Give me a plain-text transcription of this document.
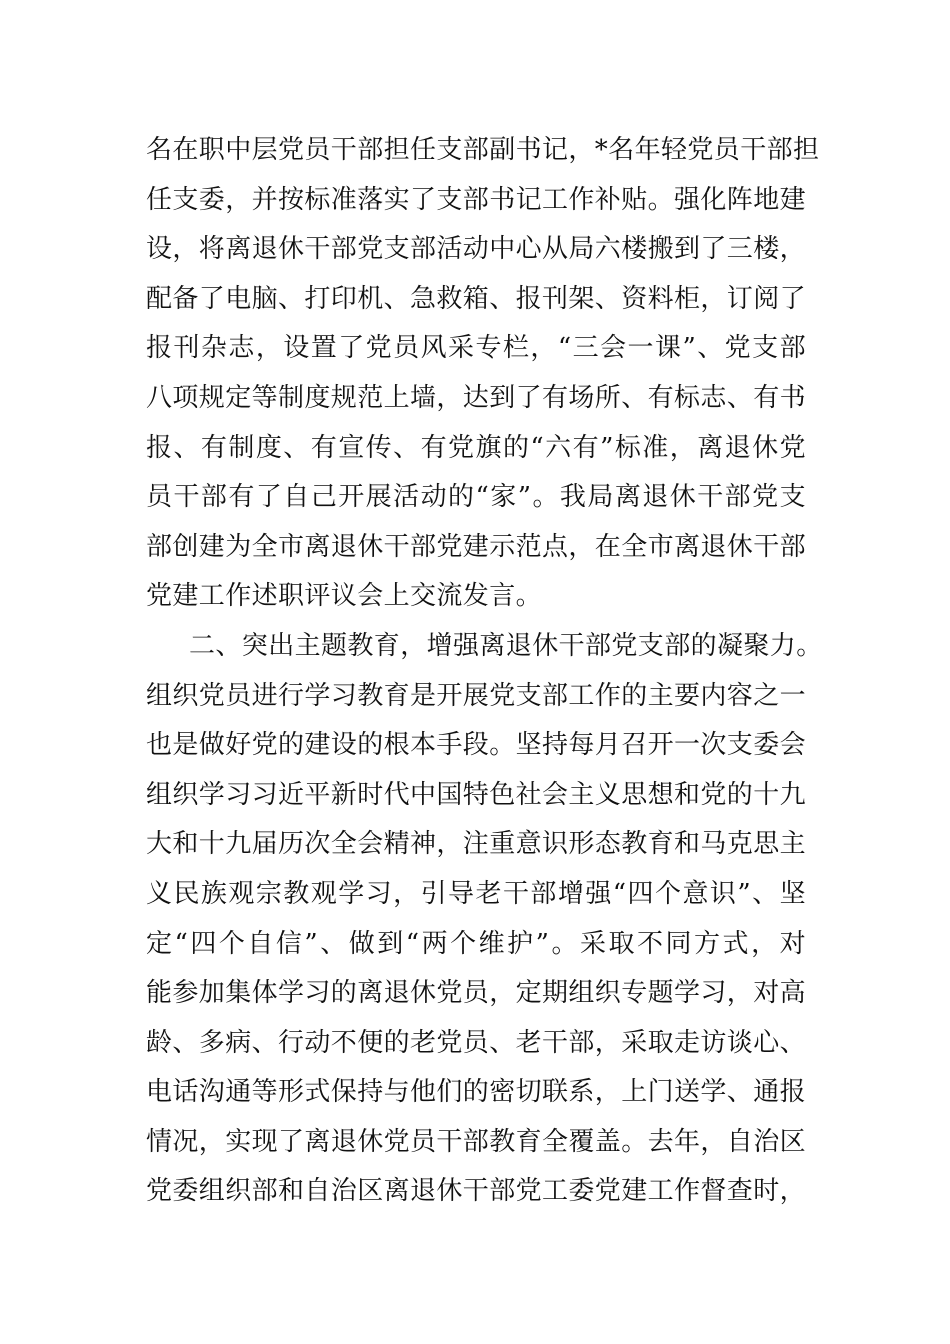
名在职中层党员干部担任支部副书记，*名年轻党员干部担
任支委，并按标准落实了支部书记工作补贴。强化阵地建
设，将离退休干部党支部活动中心从局六楼搬到了三楼，
配备了电脑、打印机、急救箱、报刊架、资料柜，订阅了
报刊杂志，设置了党员风采专栏，“三会一课”、党支部
八项规定等制度规范上墙，达到了有场所、有标志、有书
报、有制度、有宣传、有党旗的“六有”标准，离退休党
员干部有了自己开展活动的“家”。我局离退休干部党支
部创建为全市离退休干部党建示范点，在全市离退休干部
党建工作述职评议会上交流发言。
二、突出主题教育，增强离退休干部党支部的凝聚力。
组织党员进行学习教育是开展党支部工作的主要内容之一
也是做好党的建设的根本手段。坚持每月召开一次支委会
组织学习习近平新时代中国特色社会主义思想和党的十九
大和十九届历次全会精神，注重意识形态教育和马克思主
义民族观宗教观学习，引导老干部增强“四个意识”、坚
定“四个自信”、做到“两个维护”。采取不同方式，对
能参加集体学习的离退休党员，定期组织专题学习，对高
龄、多病、行动不便的老党员、老干部，采取走访谈心、
电话沟通等形式保持与他们的密切联系，上门送学、通报
情况，实现了离退休党员干部教育全覆盖。去年，自治区
党委组织部和自治区离退休干部党工委党建工作督查时，
